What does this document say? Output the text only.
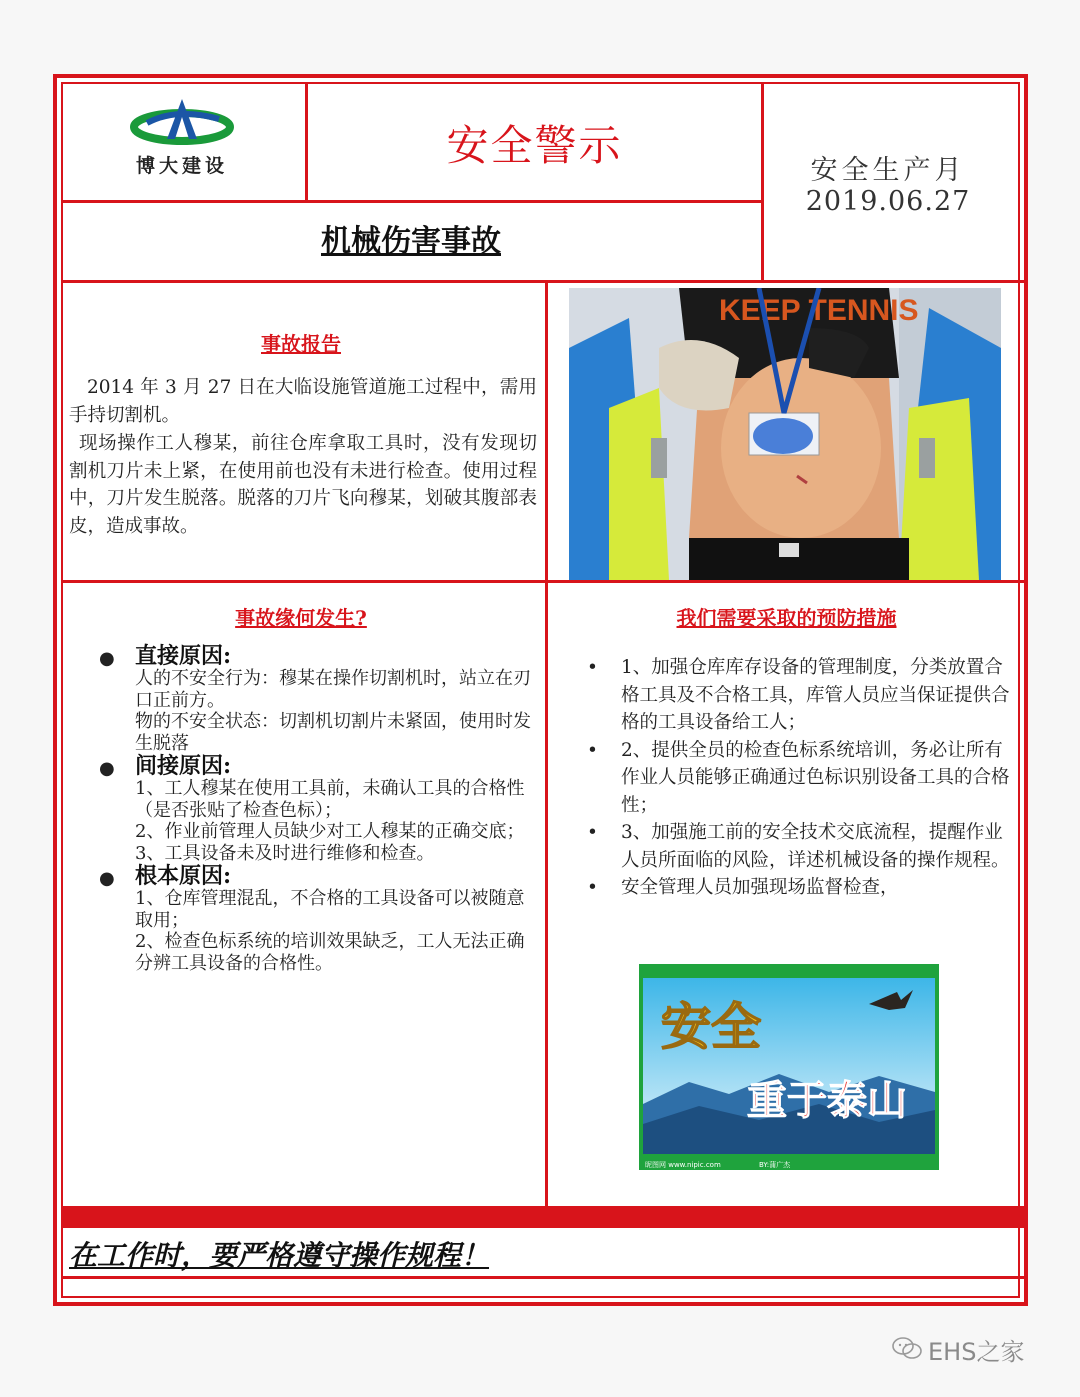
博大建设	安全警示
安全生产月
2019.06.27
机械伤害事故
事故报告
2014 年 3 月 27 日在大临设施管道施工过程中，需用手持切割机。
现场操作工人穆某，前往仓库拿取工具时，没有发现切割机刀片未上紧，在使用前也没有未进行检查。使用过程中，刀片发生脱落。脱落的刀片飞向穆某，划破其腹部表皮，造成事故。
KEEP TENNIS
事故缘何发生?
● 直接原因:
人的不安全行为：穆某在操作切割机时，站立在刃口正前方。
物的不安全状态：切割机切割片未紧固，使用时发生脱落
● 间接原因:
1、工人穆某在使用工具前，未确认工具的合格性（是否张贴了检查色标）；
2、作业前管理人员缺少对工人穆某的正确交底；
3、工具设备未及时进行维修和检查。
● 根本原因:
1、仓库管理混乱，不合格的工具设备可以被随意取用；
2、检查色标系统的培训效果缺乏，工人无法正确分辨工具设备的合格性。
我们需要采取的预防措施
• 1、加强仓库库存设备的管理制度，分类放置合格工具及不合格工具，库管人员应当保证提供合格的工具设备给工人；
• 2、提供全员的检查色标系统培训，务必让所有作业人员能够正确通过色标识别设备工具的合格性；
• 3、加强施工前的安全技术交底流程，提醒作业人员所面临的风险，详述机械设备的操作规程。
• 安全管理人员加强现场监督检查，
安全
重于泰山
昵图网 www.nipic.com	BY:蒲广杰
在工作时，要严格遵守操作规程！
EHS之家
